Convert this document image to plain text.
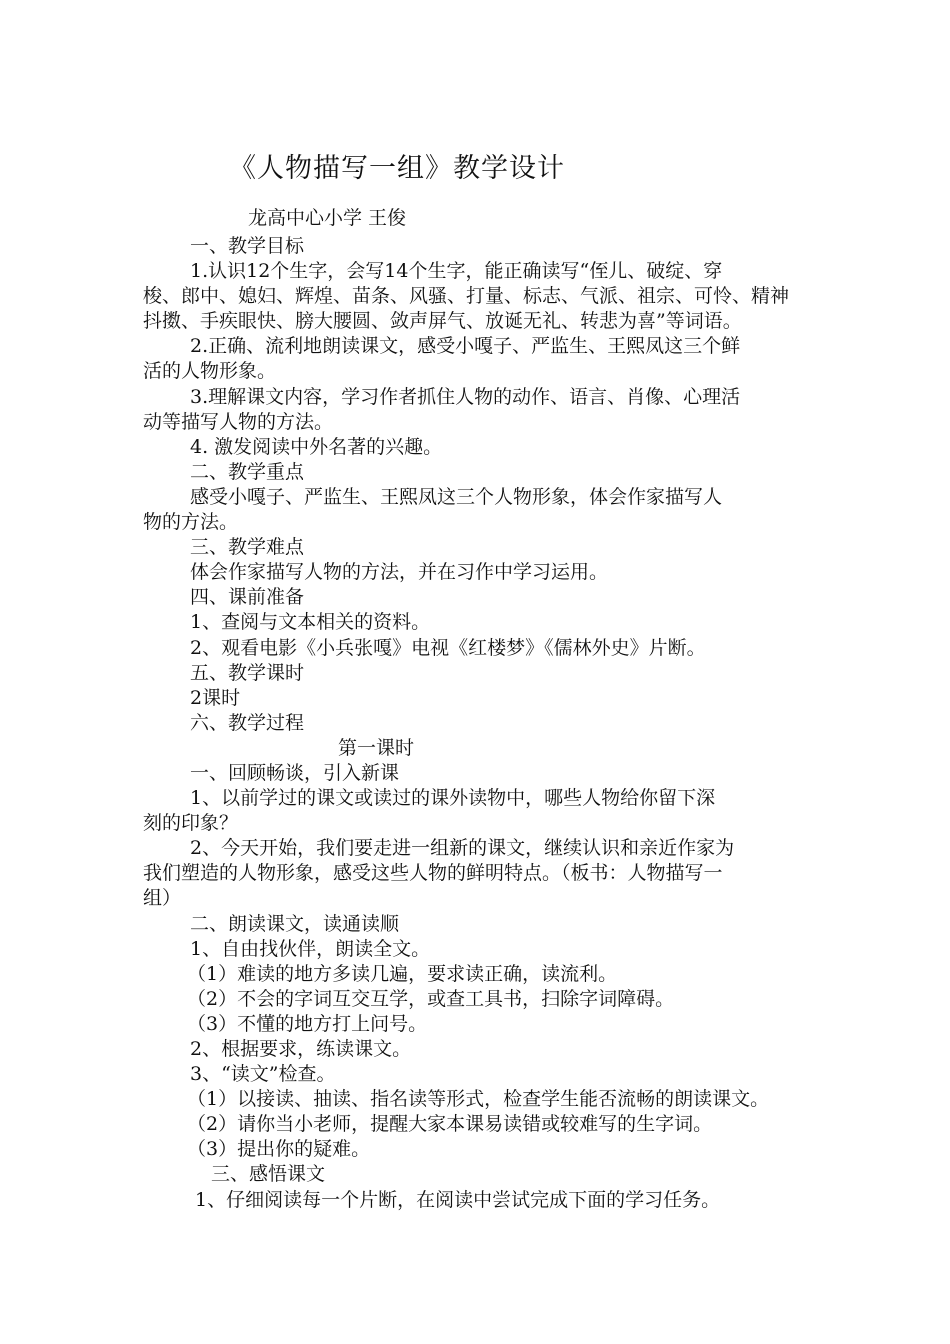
《人物描写一组》教学设计
龙高中心小学 王俊
一、教学目标
1.认识12个生字，会写14个生字，能正确读写“侄儿、破绽、穿
梭、郎中、媳妇、辉煌、苗条、风骚、打量、标志、气派、祖宗、可怜、精神
抖擞、手疾眼快、膀大腰圆、敛声屏气、放诞无礼、转悲为喜”等词语。
2.正确、流利地朗读课文，感受小嘎子、严监生、王熙凤这三个鲜
活的人物形象。
3.理解课文内容，学习作者抓住人物的动作、语言、肖像、心理活
动等描写人物的方法。
4. 激发阅读中外名著的兴趣。
二、教学重点
感受小嘎子、严监生、王熙凤这三个人物形象，体会作家描写人
物的方法。
三、教学难点
体会作家描写人物的方法，并在习作中学习运用。
四、课前准备
1、查阅与文本相关的资料。
2、观看电影《小兵张嘎》电视《红楼梦》《儒林外史》片断。
五、教学课时
2课时
六、教学过程
第一课时
一、回顾畅谈，引入新课
1、以前学过的课文或读过的课外读物中，哪些人物给你留下深
刻的印象？
2、今天开始，我们要走进一组新的课文，继续认识和亲近作家为
我们塑造的人物形象，感受这些人物的鲜明特点。（板书：人物描写一
组）
二、朗读课文，读通读顺
1、自由找伙伴，朗读全文。
（1）难读的地方多读几遍，要求读正确，读流利。
（2）不会的字词互交互学，或查工具书，扫除字词障碍。
（3）不懂的地方打上问号。
2、根据要求，练读课文。
3、“读文”检查。
（1）以接读、抽读、指名读等形式，检查学生能否流畅的朗读课文。
（2）请你当小老师，提醒大家本课易读错或较难写的生字词。
（3）提出你的疑难。
三、感悟课文
1、仔细阅读每一个片断，在阅读中尝试完成下面的学习任务。
